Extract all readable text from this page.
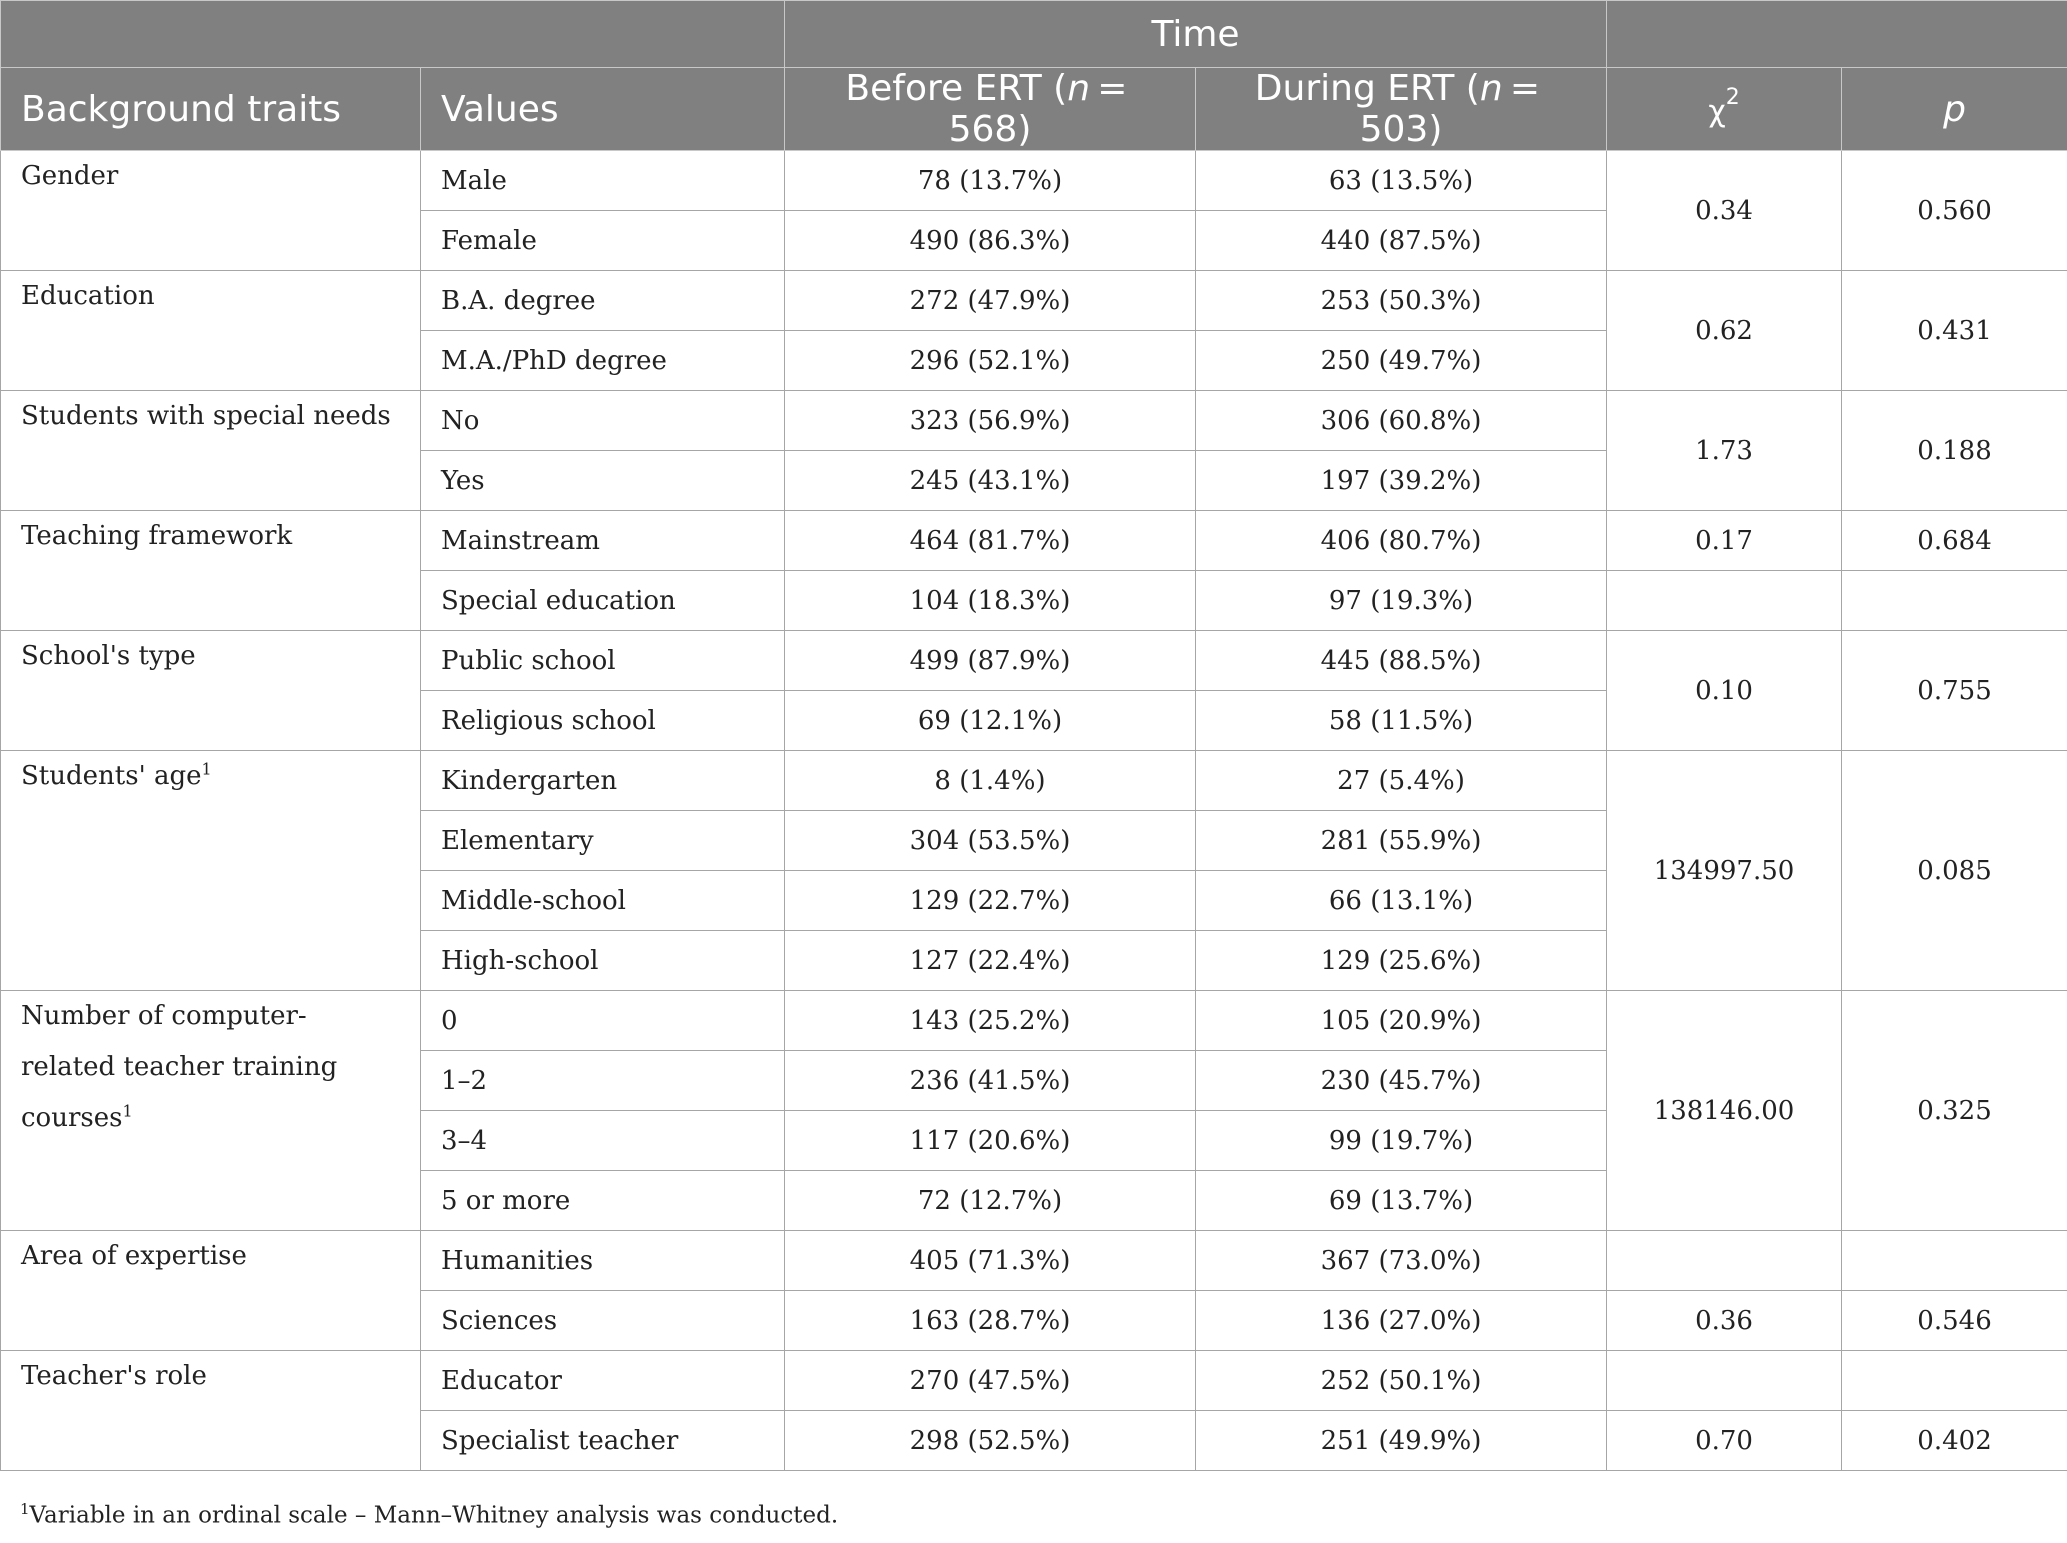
		Time			
Background traits	Values	Before ERT (n = 568)	During ERT (n = 503)	$\chi^2$	p

Gender	Male	78 (13.7%)	63 (13.5%)	0.34	0.560
	Female	490 (86.3%)	440 (87.5%)		

Education	B.A. degree	272 (47.9%)	253 (50.3%)	0.62	0.431
	M.A./PhD degree	296 (52.1%)	250 (49.7%)		

Students with special needs	No	323 (56.9%)	306 (60.8%)	1.73	0.188
	Yes	245 (43.1%)	197 (39.2%)		

Teaching framework	Mainstream	464 (81.7%)	406 (80.7%)	0.17	0.684
	Special education	104 (18.3%)	97 (19.3%)		

School's type	Public school	499 (87.9%)	445 (88.5%)	0.10	0.755
	Religious school	69 (12.1%)	58 (11.5%)		

Students' age$^1$	Kindergarten	8 (1.4%)	27 (5.4%)	134997.50	0.085
	Elementary	304 (53.5%)	281 (55.9%)		
	Middle-school	129 (22.7%)	66 (13.1%)		
	High-school	127 (22.4%)	129 (25.6%)		

Number of computer-related teacher training courses$^1$	0	143 (25.2%)	105 (20.9%)	138146.00	0.325
	1–2	236 (41.5%)	230 (45.7%)		
	3–4	117 (20.6%)	99 (19.7%)		
	5 or more	72 (12.7%)	69 (13.7%)		

Area of expertise	Humanities	405 (71.3%)	367 (73.0%)		
	Sciences	163 (28.7%)	136 (27.0%)	0.36	0.546

Teacher's role	Educator	270 (47.5%)	252 (50.1%)		
	Specialist teacher	298 (52.5%)	251 (49.9%)	0.70	0.402
$^1$Variable in an ordinal scale – Mann–Whitney analysis was conducted.
